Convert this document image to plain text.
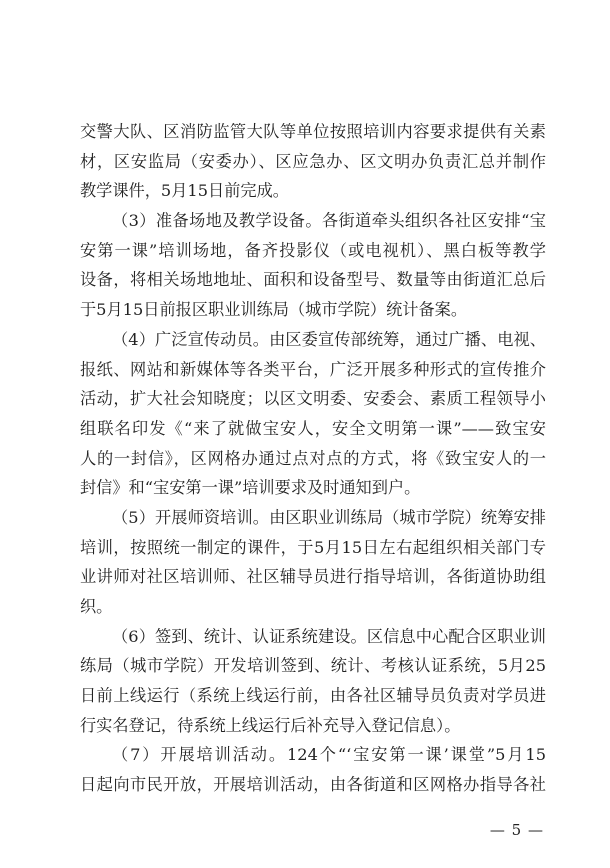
交警大队、区消防监管大队等单位按照培训内容要求提供有关素
材，区安监局（安委办）、区应急办、区文明办负责汇总并制作
教学课件，5月15日前完成。
（3）准备场地及教学设备。各街道牵头组织各社区安排“宝
安第一课”培训场地，备齐投影仪（或电视机）、黑白板等教学
设备，将相关场地地址、面积和设备型号、数量等由街道汇总后
于5月15日前报区职业训练局（城市学院）统计备案。
（4）广泛宣传动员。由区委宣传部统筹，通过广播、电视、
报纸、网站和新媒体等各类平台，广泛开展多种形式的宣传推介
活动，扩大社会知晓度；以区文明委、安委会、素质工程领导小
组联名印发《“来了就做宝安人，安全文明第一课”——致宝安
人的一封信》，区网格办通过点对点的方式，将《致宝安人的一
封信》和“宝安第一课”培训要求及时通知到户。
（5）开展师资培训。由区职业训练局（城市学院）统筹安排
培训，按照统一制定的课件，于5月15日左右起组织相关部门专
业讲师对社区培训师、社区辅导员进行指导培训，各街道协助组
织。
（6）签到、统计、认证系统建设。区信息中心配合区职业训
练局（城市学院）开发培训签到、统计、考核认证系统，5月25
日前上线运行（系统上线运行前，由各社区辅导员负责对学员进
行实名登记，待系统上线运行后补充导入登记信息）。
（7）开展培训活动。124个“‘宝安第一课’课堂”5月15
日起向市民开放，开展培训活动，由各街道和区网格办指导各社
— 5 —
